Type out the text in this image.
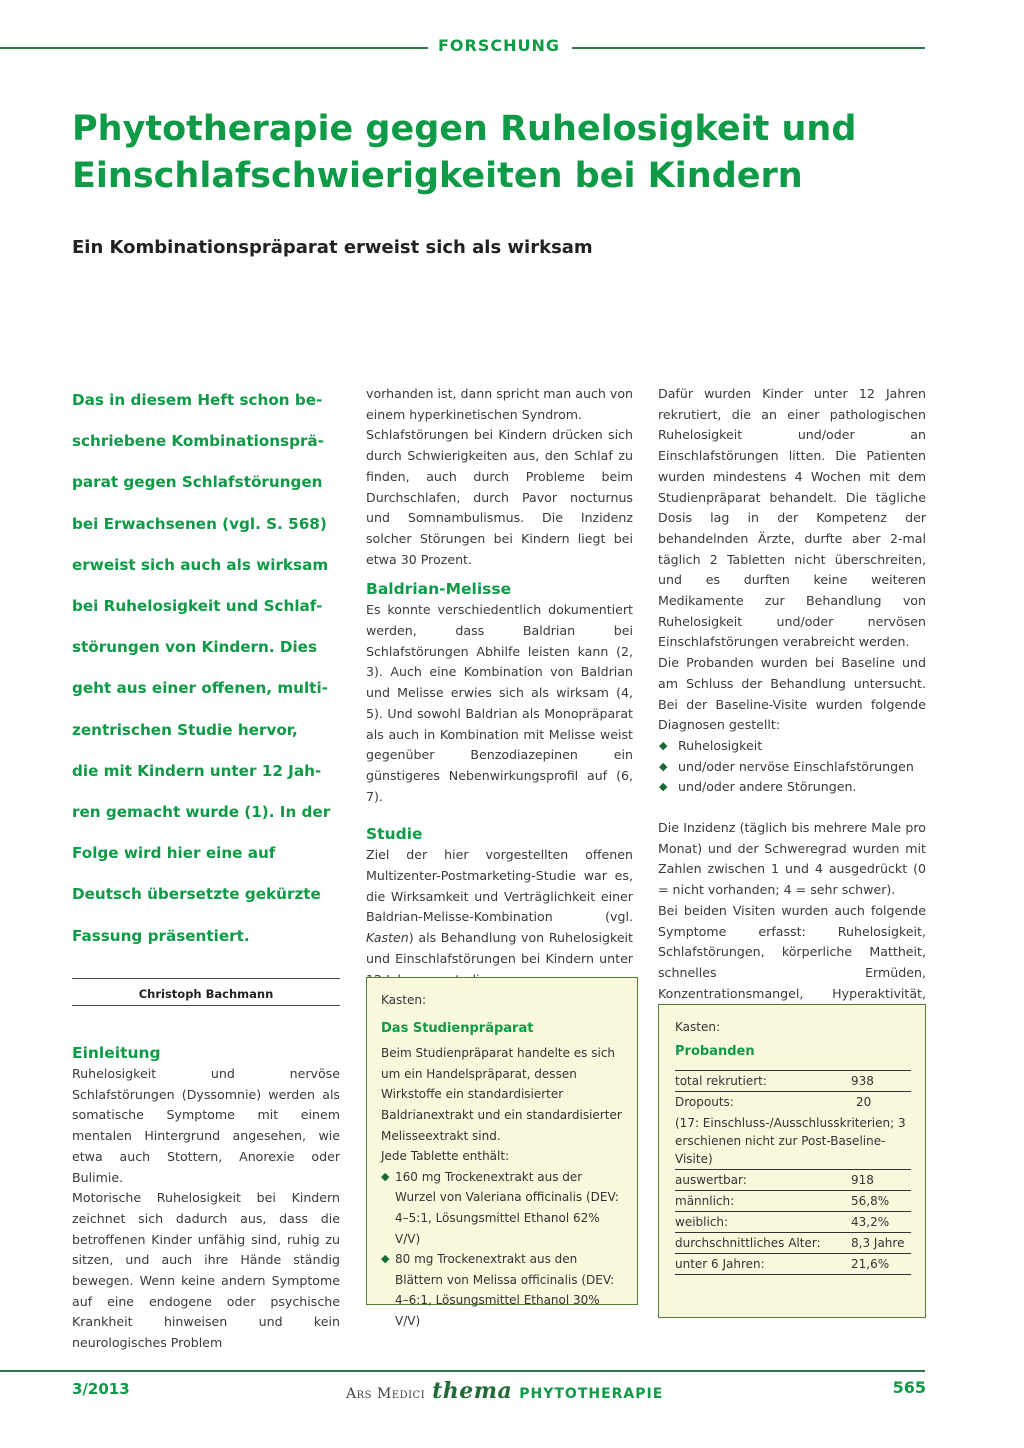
FORSCHUNG
Phytotherapie gegen Ruhelosigkeit und
Einschlafschwierigkeiten bei Kindern
Ein Kombinationspräparat erweist sich als wirksam
Das in diesem Heft schon be-
schriebene Kombinationsprä-
parat gegen Schlafstörungen
bei Erwachsenen (vgl. S. 568)
erweist sich auch als wirksam
bei Ruhelosigkeit und Schlaf-
störungen von Kindern. Dies
geht aus einer offenen, multi-
zentrischen Studie hervor,
die mit Kindern unter 12 Jah-
ren gemacht wurde (1). In der
Folge wird hier eine auf
Deutsch übersetzte gekürzte
Fassung präsentiert.
Christoph Bachmann
Einleitung

Ruhelosigkeit und nervöse Schlafstörungen (Dyssomnie) werden als somatische Symptome mit einem mentalen Hintergrund angesehen, wie etwa auch Stottern, Anorexie oder Bulimie.

Motorische Ruhelosigkeit bei Kindern zeichnet sich dadurch aus, dass die betroffenen Kinder unfähig sind, ruhig zu sitzen, und auch ihre Hände ständig bewegen. Wenn keine andern Symptome auf eine endogene oder psychische Krankheit hinweisen und kein neurologisches Problem

vorhanden ist, dann spricht man auch von einem hyperkinetischen Syndrom.

Schlafstörungen bei Kindern drücken sich durch Schwierigkeiten aus, den Schlaf zu finden, auch durch Probleme beim Durchschlafen, durch Pavor nocturnus und Somnambulismus. Die Inzidenz solcher Störungen bei Kindern liegt bei etwa 30 Prozent.

Baldrian-Melisse

Es konnte verschiedentlich dokumentiert werden, dass Baldrian bei Schlafstörungen Abhilfe leisten kann (2, 3). Auch eine Kombination von Baldrian und Melisse erwies sich als wirksam (4, 5). Und sowohl Baldrian als Monopräparat als auch in Kombination mit Melisse weist gegenüber Benzodiazepinen ein günstigeres Nebenwirkungsprofil auf (6, 7).

Studie

Ziel der hier vorgestellten offenen Multizenter-Postmarketing-Studie war es, die Wirksamkeit und Verträglichkeit einer Baldrian-Melisse-Kombination (vgl. Kasten) als Behandlung von Ruhelosigkeit und Einschlafstörungen bei Kindern unter

Kasten:
Das Studienpräparat
Beim Studienpräparat handelte es sich um ein Handelspräparat, dessen Wirkstoffe ein standardisierter Baldrianextrakt und ein standardisierter Melisseextrakt sind.
Jede Tablette enthält:
◆ 160 mg Trockenextrakt aus der Wurzel von Valeriana officinalis (DEV: 4–5:1, Lösungsmittel Ethanol 62% V/V)
◆ 80 mg Trockenextrakt aus den Blättern von Melissa officinalis (DEV: 4–6:1, Lösungsmittel Ethanol 30% V/V)

Dafür wurden Kinder unter 12 Jahren rekrutiert, die an einer pathologischen Ruhelosigkeit und/oder an Einschlafstörungen litten. Die Patienten wurden mindestens 4 Wochen mit dem Studienpräparat behandelt. Die tägliche Dosis lag in der Kompetenz der behandelnden Ärzte, durfte aber 2-mal täglich 2 Tabletten nicht überschreiten, und es durften keine weiteren Medikamente zur Behandlung von Ruhelosigkeit und/oder nervösen Einschlafstörungen verabreicht werden.

Die Probanden wurden bei Baseline und am Schluss der Behandlung untersucht. Bei der Baseline-Visite wurden folgende Diagnosen gestellt:

◆ Ruhelosigkeit
◆ und/oder nervöse Einschlafstörungen
◆ und/oder andere Störungen.

Die Inzidenz (täglich bis mehrere Male pro Monat) und der Schweregrad wurden mit Zahlen zwischen 1 und 4 ausgedrückt (0 = nicht vorhanden; 4 = sehr schwer).

Bei beiden Visiten wurden auch folgende Symptome erfasst: Ruhelosigkeit, Schlafstörungen, körperliche Mattheit, schnelles Ermüden, Konzentrationsmangel, Hyperaktivität,

Kasten:
Probanden
total rekrutiert:	938
Dropouts:	20
(17: Einschluss-/Ausschlusskriterien; 3 erschienen nicht zur Post-Baseline-Visite)	
auswertbar:	918
männlich:	56,8%
weiblich:	43,2%
durchschnittliches Alter:	8,3 Jahre
unter 6 Jahren:	21,6%
3/2013	Ars Medici thema PHYTOTHERAPIE	565
